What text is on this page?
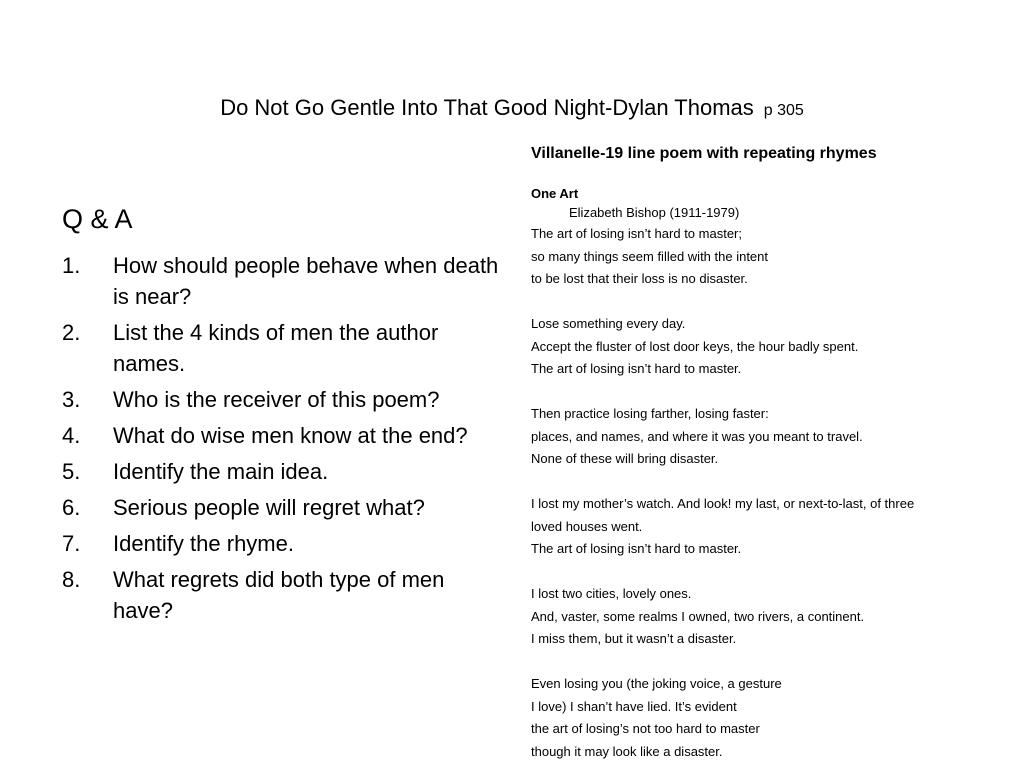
Do Not Go Gentle Into That Good Night-Dylan Thomas p 305
Q & A
1.	How should people behave when death is near?
2.	List the 4 kinds of men the author names.
3.	Who is the receiver of this poem?
4.	What do wise men know at the end?
5.	Identify the main idea.
6.	Serious people will regret what?
7.	Identify the rhyme.
8.	What regrets did both type of men have?
Villanelle-19 line poem with repeating rhymes
One Art
Elizabeth Bishop (1911-1979)
The art of losing isn’t hard to master;
so many things seem filled with the intent
to be lost that their loss is no disaster.
Lose something every day.
Accept the fluster of lost door keys, the hour badly spent.
The art of losing isn’t hard to master.
Then practice losing farther, losing faster:
places, and names, and where it was you meant to travel.
None of these will bring disaster.
I lost my mother’s watch. And look! my last, or next-to-last, of three
loved houses went.
The art of losing isn’t hard to master.
I lost two cities, lovely ones.
And, vaster, some realms I owned, two rivers, a continent.
I miss them, but it wasn’t a disaster.
Even losing you (the joking voice, a gesture
I love) I shan’t have lied. It’s evident
the art of losing’s not too hard to master
though it may look like a disaster.
